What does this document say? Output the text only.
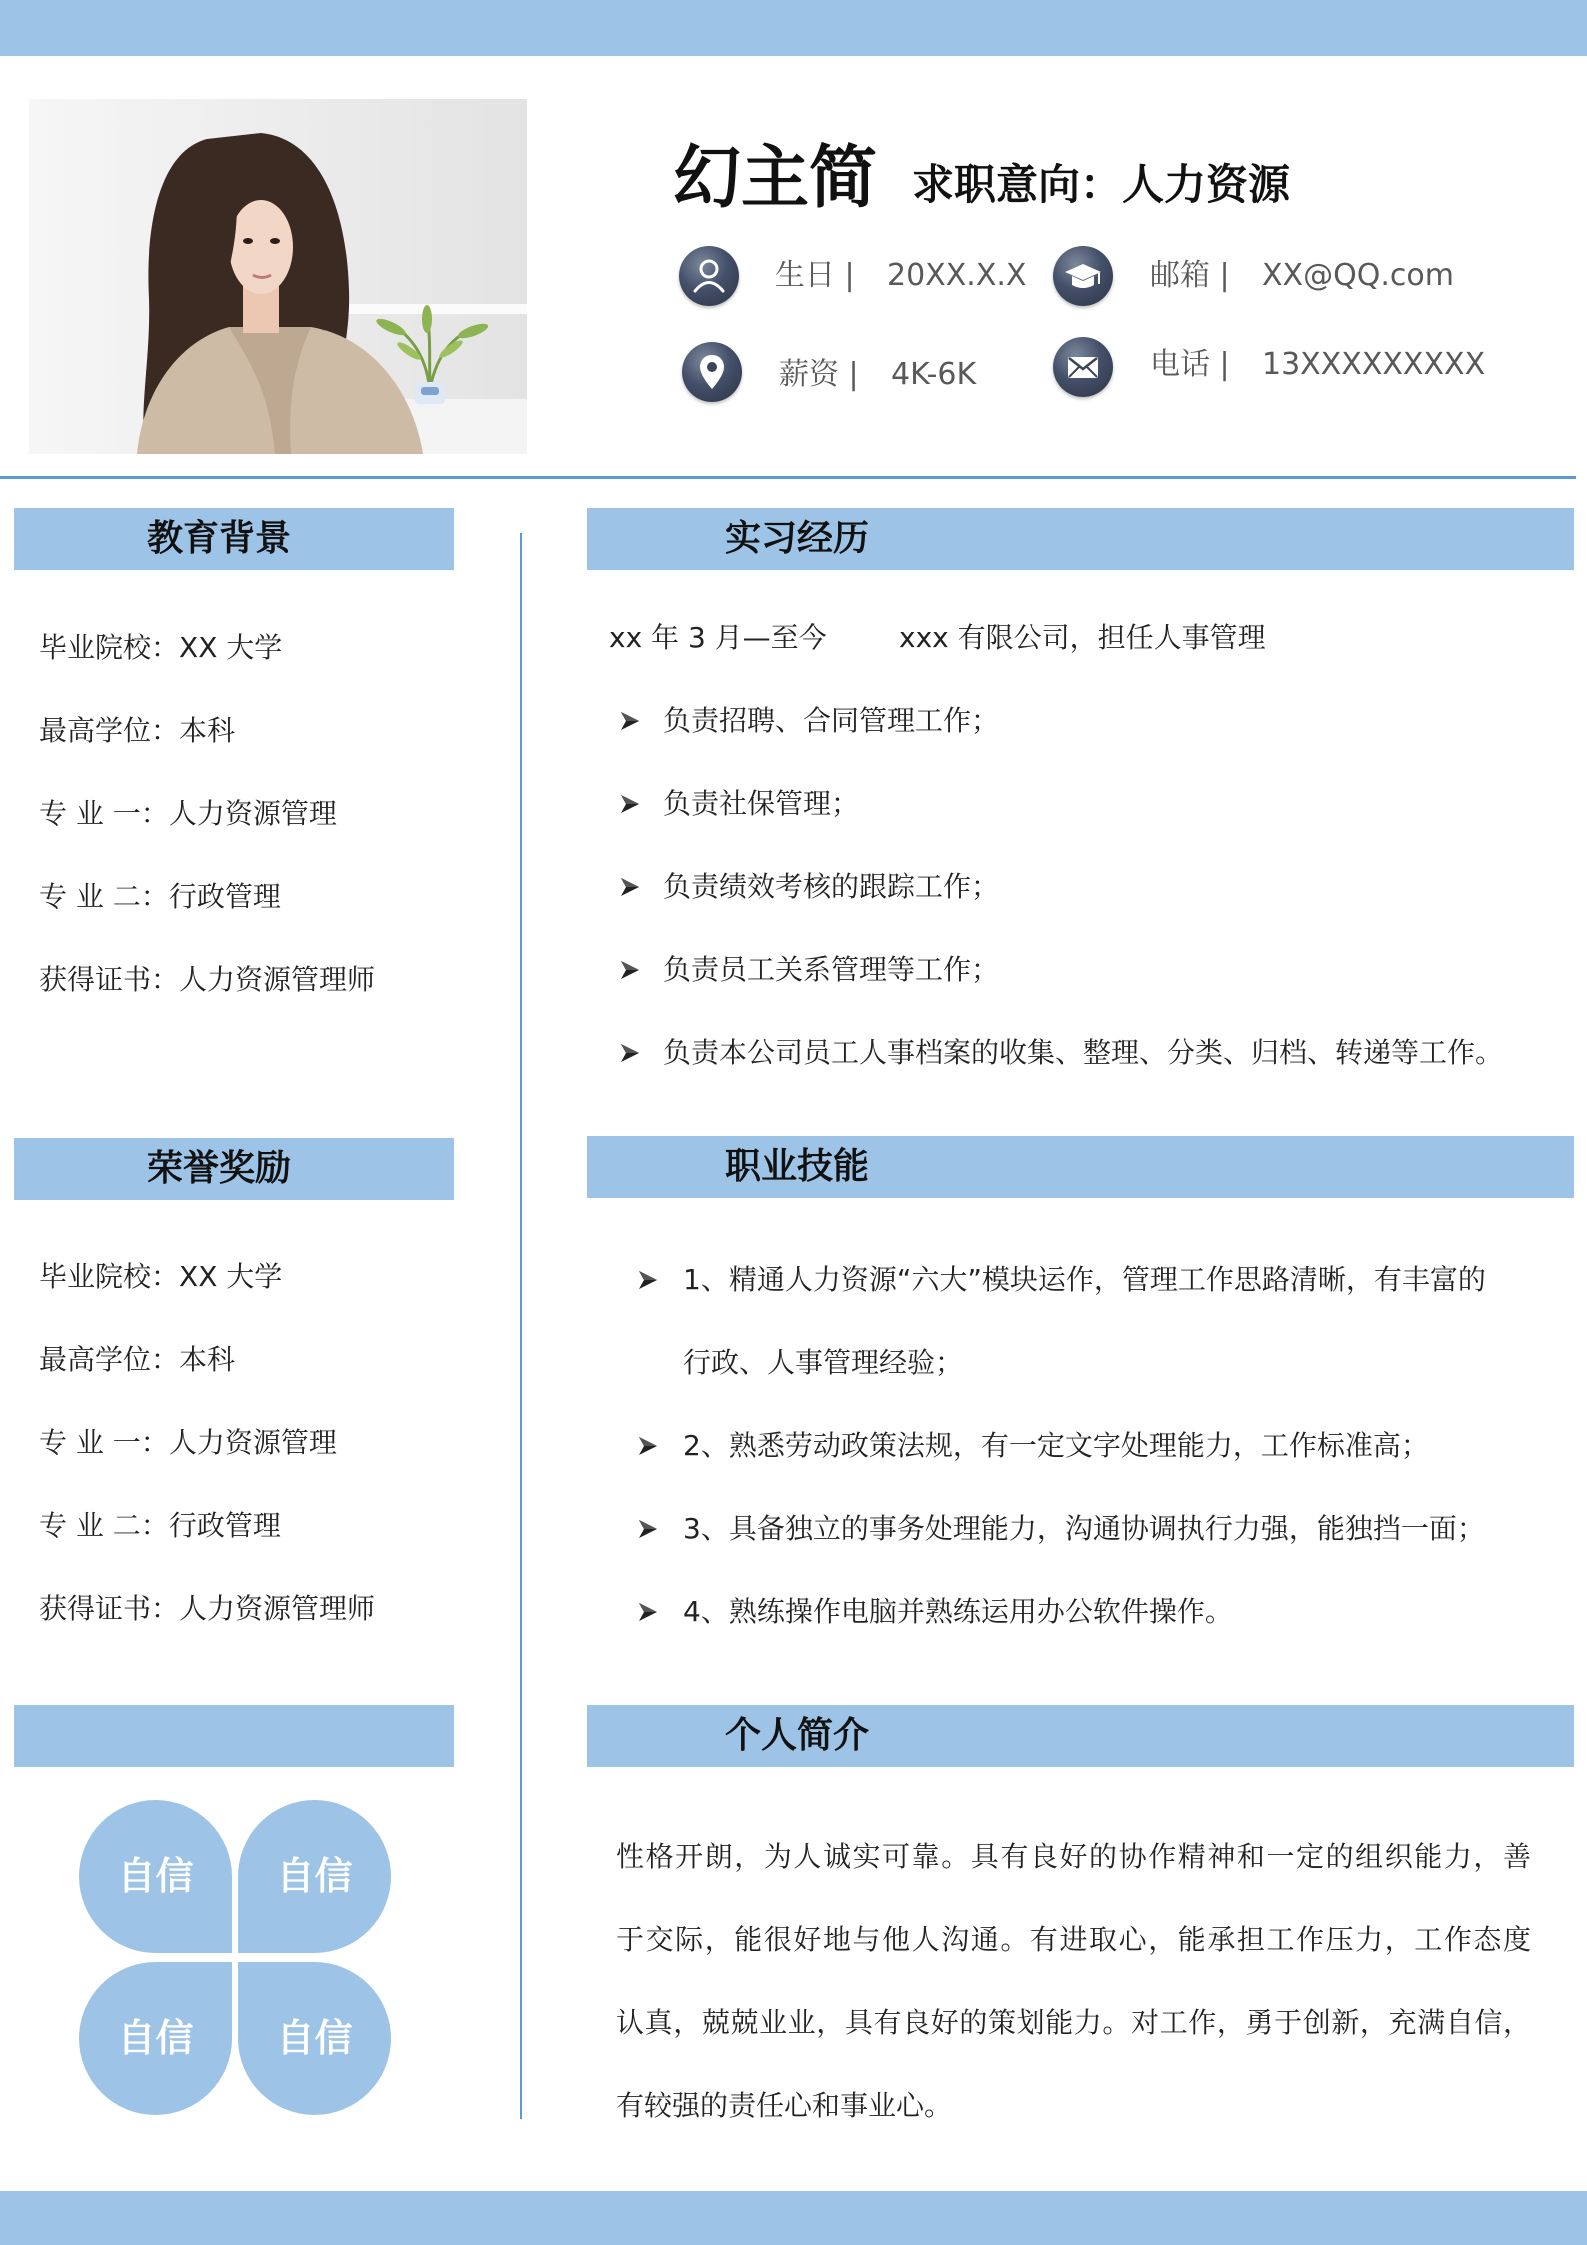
幻主简 求职意向：人力资源
生日 | 20XX.X.X	邮箱 | XX@QQ.com
薪资 | 4K-6K	电话 | 13XXXXXXXXX
教育背景
毕业院校：XX 大学
最高学位：本科
专 业 一：人力资源管理
专 业 二：行政管理
获得证书：人力资源管理师
荣誉奖励
毕业院校：XX 大学
最高学位：本科
专 业 一：人力资源管理
专 业 二：行政管理
获得证书：人力资源管理师
自信	自信
自信	自信
实习经历
xx 年 3 月—至今	xxx 有限公司，担任人事管理
负责招聘、合同管理工作；
负责社保管理；
负责绩效考核的跟踪工作；
负责员工关系管理等工作；
负责本公司员工人事档案的收集、整理、分类、归档、转递等工作。
职业技能
1、精通人力资源“六大”模块运作，管理工作思路清晰，有丰富的
行政、人事管理经验；
2、熟悉劳动政策法规，有一定文字处理能力，工作标准高；
3、具备独立的事务处理能力，沟通协调执行力强，能独挡一面；
4、熟练操作电脑并熟练运用办公软件操作。
个人简介
性格开朗，为人诚实可靠。具有良好的协作精神和一定的组织能力，善
于交际，能很好地与他人沟通。有进取心，能承担工作压力，工作态度
认真，兢兢业业，具有良好的策划能力。对工作，勇于创新，充满自信，
有较强的责任心和事业心。
